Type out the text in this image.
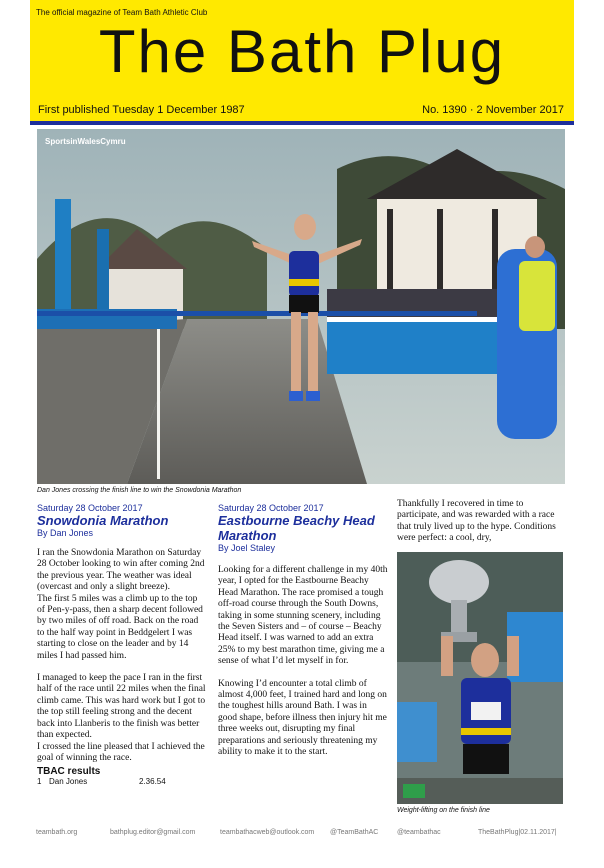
The official magazine of Team Bath Athletic Club
The Bath Plug
First published Tuesday 1 December 1987	No. 1390 · 2 November 2017
SportsinWalesCymru
Dan Jones crossing the finish line to win the Snowdonia Marathon
Saturday 28 October 2017
Snowdonia Marathon
By Dan Jones

I ran the Snowdonia Marathon on Saturday 28 October looking to win after coming 2nd the previous year. The weather was ideal (overcast and only a slight breeze).

The first 5 miles was a climb up to the top of Pen-y-pass, then a sharp decent followed by two miles of off road. Back on the road to the half way point in Beddgelert I was starting to close on the leader and by 14 miles I had passed him.

I managed to keep the pace I ran in the first half of the race until 22 miles when the final climb came. This was hard work but I got to the top still feeling strong and the decent back into Llanberis to the finish was better than expected.

I crossed the line pleased that I achieved the goal of winning the race.

TBAC results
1 Dan Jones	2.36.54
Saturday 28 October 2017
Eastbourne Beachy Head Marathon
By Joel Staley

Looking for a different challenge in my 40th year, I opted for the Eastbourne Beachy Head Marathon. The race promised a tough off-road course through the South Downs, taking in some stunning scenery, including the Seven Sisters and – of course – Beachy Head itself. I was warned to add an extra 25% to my best marathon time, giving me a sense of what I’d let myself in for.

Knowing I’d encounter a total climb of almost 4,000 feet, I trained hard and long on the toughest hills around Bath. I was in good shape, before illness then injury hit me three weeks out, disrupting my final preparations and seriously threatening my ability to make it to the start.

Thankfully I recovered in time to participate, and was rewarded with a race that truly lived up to the hype. Conditions were perfect: a cool, dry,
Weight-lifting on the finish line
teambath.org	bathplug.editor@gmail.com	teambathacweb@outlook.com @TeamBathAC	@teambathac	TheBathPlug|02.11.2017|
